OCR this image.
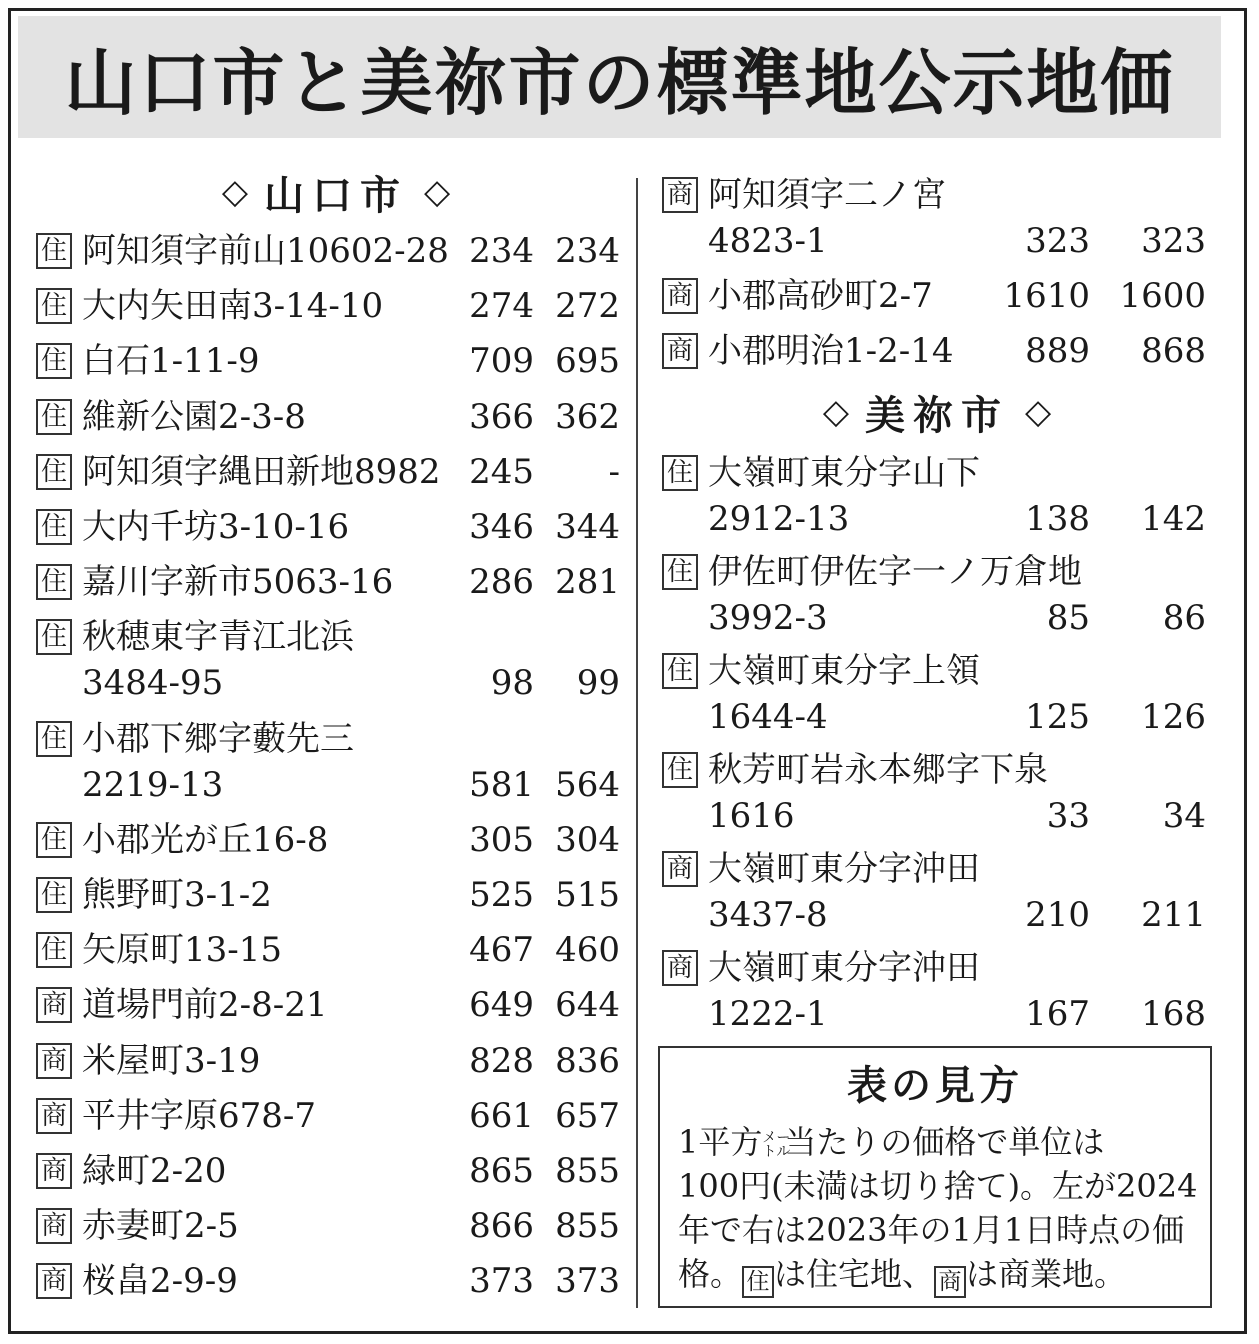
山口市と美祢市の標準地公示地価
◇ 山口市 ◇
住 阿知須字前山10602-28 234 234
住 大内矢田南3-14-10	274 272
住 白石1-11-9	709 695
住 維新公園2-3-8	366 362
住 阿知須字縄田新地8982 245	-
住 大内千坊3-10-16	346 344
住 嘉川字新市5063-16	286 281
住 秋穂東字青江北浜
3484-95	98	99
住 小郡下郷字藪先三
2219-13	581 564
住 小郡光が丘16-8	305 304
住 熊野町3-1-2	525 515
住 矢原町13-15	467 460
商 道場門前2-8-21	649 644
商 米屋町3-19	828 836
商 平井字原678-7	661 657
商 緑町2-20	865 855
商 赤妻町2-5	866 855
商 桜畠2-9-9	373 373
商 阿知須字二ノ宮
4823-1	323	323
商 小郡高砂町2-7	1610 1600
商 小郡明治1-2-14	889	868
◇ 美祢市 ◇
住 大嶺町東分字山下
2912-13	138	142
住 伊佐町伊佐字一ノ万倉地
3992-3	85	86
住 大嶺町東分字上領
1644-4	125	126
住 秋芳町岩永本郷字下泉
1616	33	34
商 大嶺町東分字沖田
3437-8	210	211
商 大嶺町東分字沖田
1222-1	167	168
表の見方
1平方メー
トル当たりの価格で単位は
100円(未満は切り捨て)。左が2024
年で右は2023年の1月1日時点の価
格。 住 は住宅地、 商 は商業地。
